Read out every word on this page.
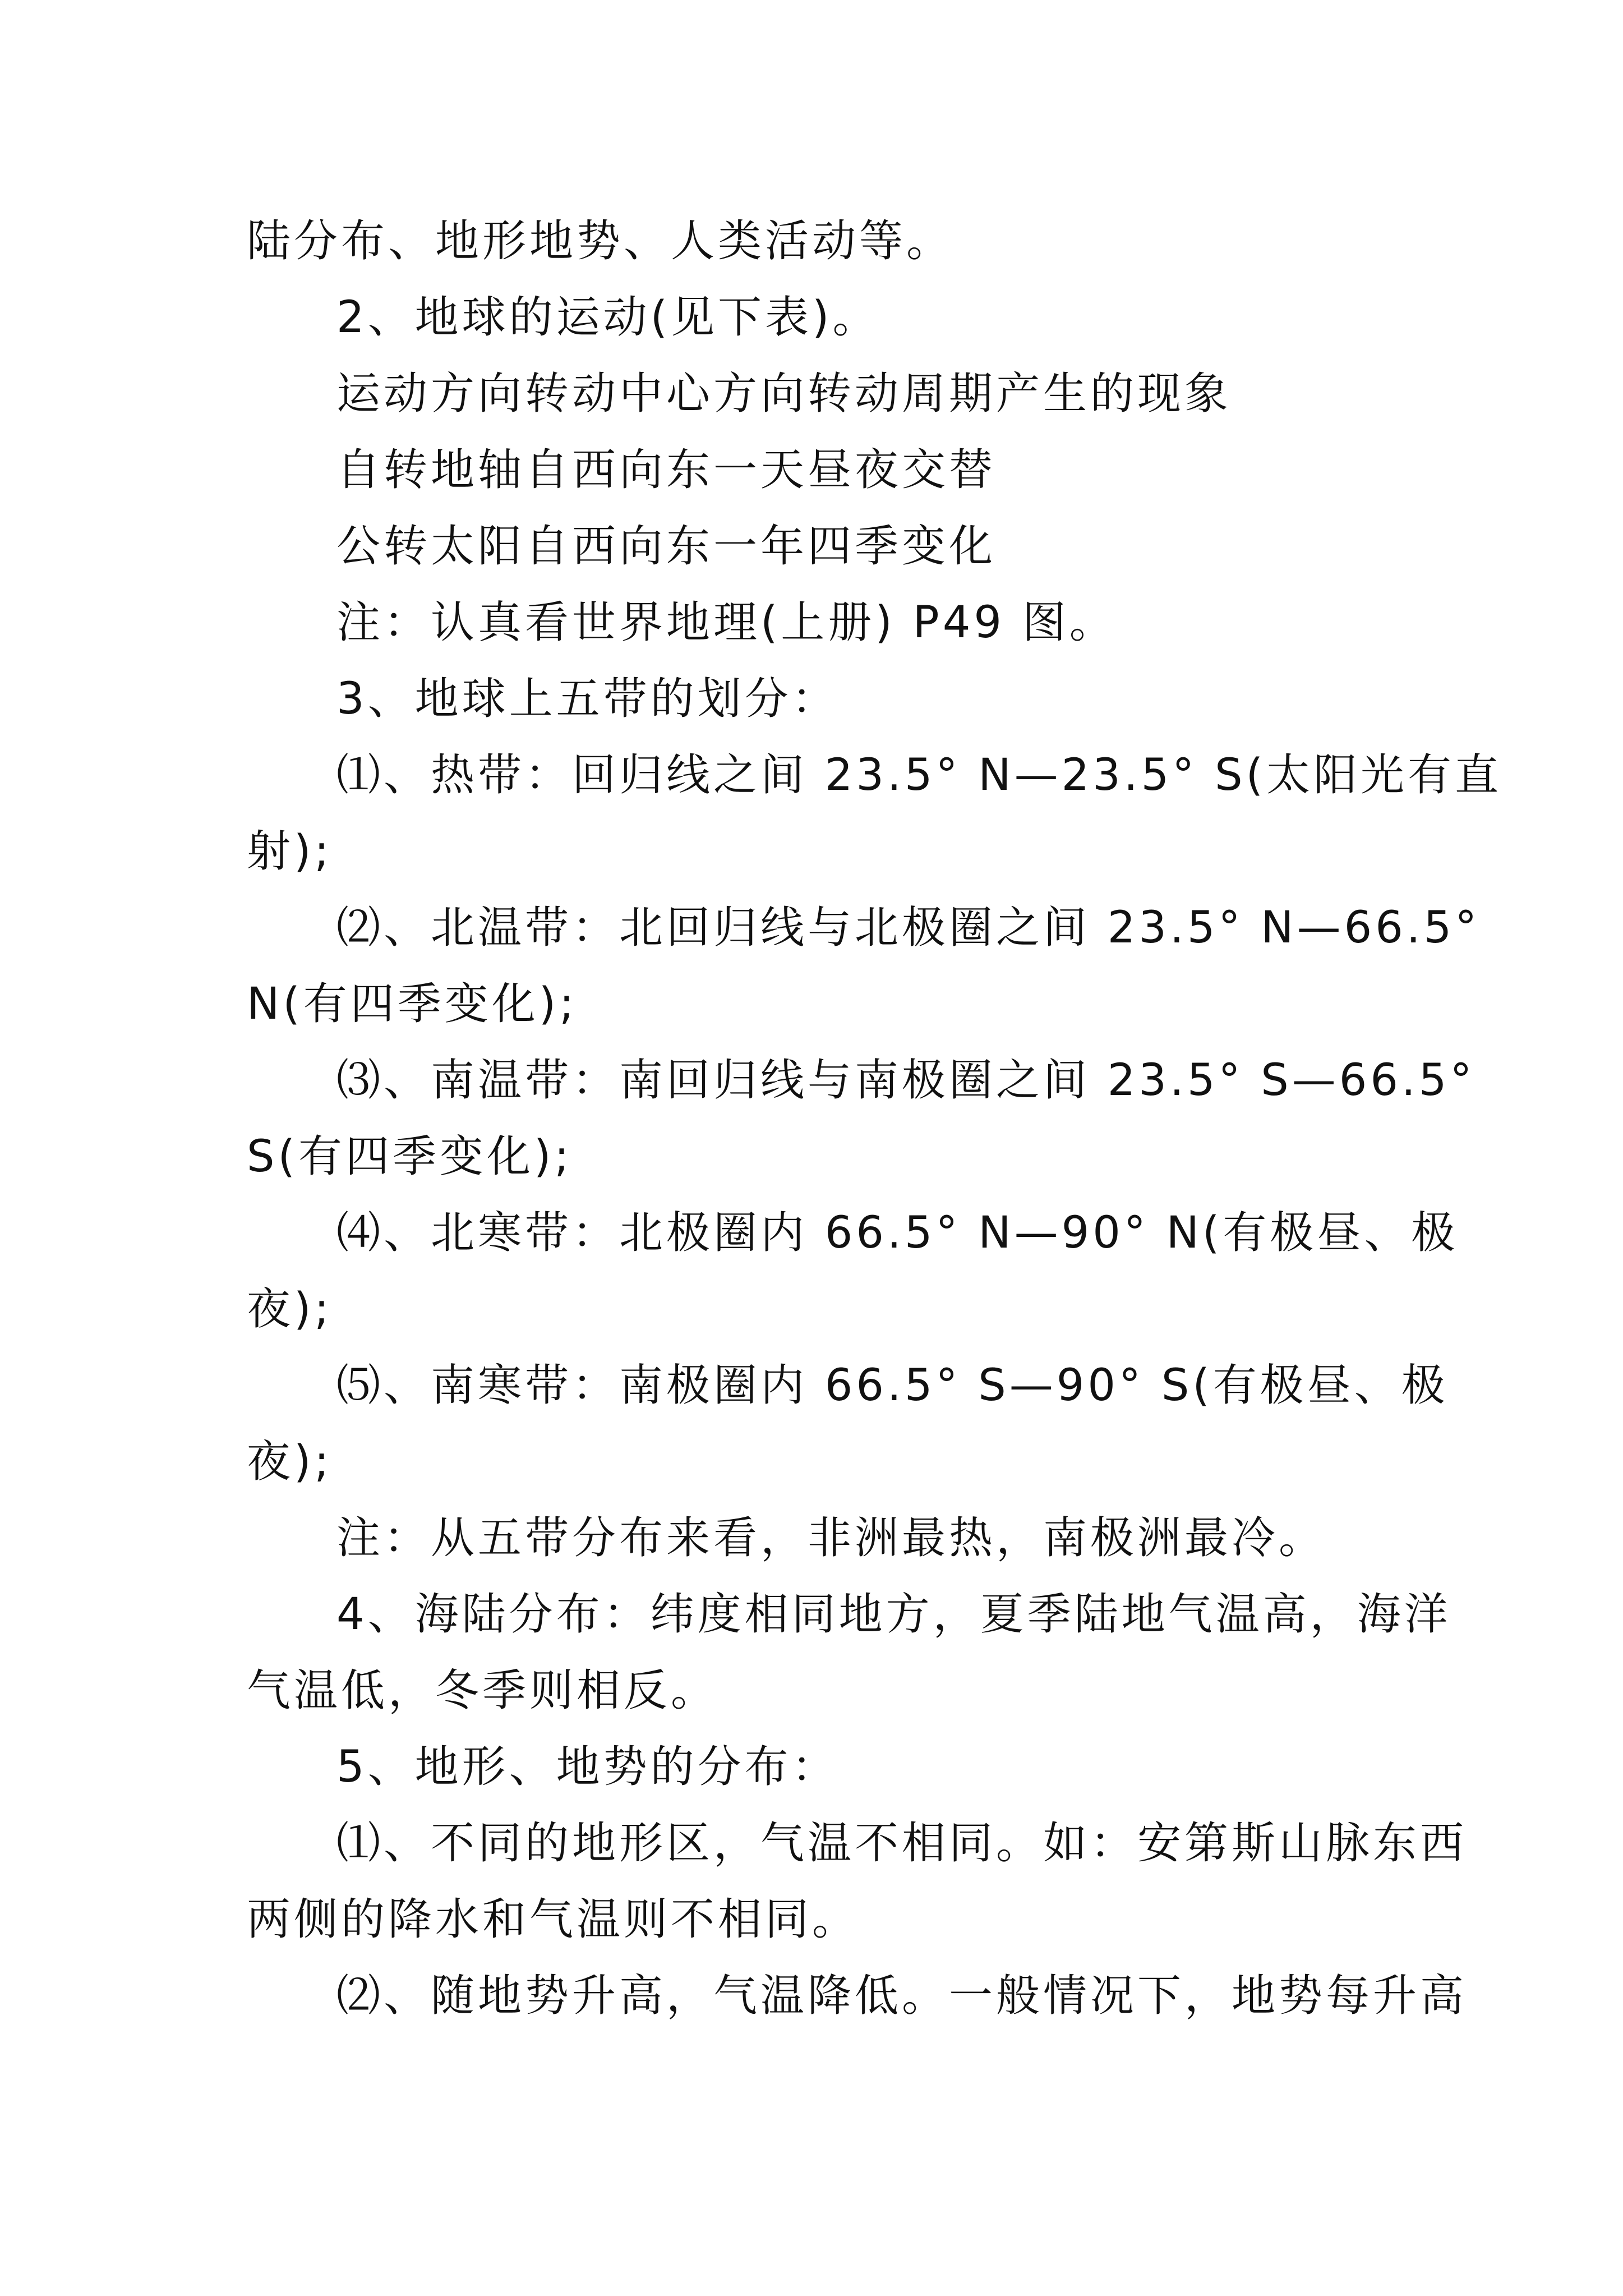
陆分布、地形地势、人类活动等。
2、地球的运动(见下表)。
运动方向转动中心方向转动周期产生的现象
自转地轴自西向东一天昼夜交替
公转太阳自西向东一年四季变化
注：认真看世界地理(上册) P49 图。
3、地球上五带的划分：
⑴、热带：回归线之间 23.5° N—23.5° S(太阳光有直
射);
⑵、北温带：北回归线与北极圈之间 23.5° N—66.5°
N(有四季变化);
⑶、南温带：南回归线与南极圈之间 23.5° S—66.5°
S(有四季变化);
⑷、北寒带：北极圈内 66.5° N—90° N(有极昼、极
夜);
⑸、南寒带：南极圈内 66.5° S—90° S(有极昼、极
夜);
注：从五带分布来看，非洲最热，南极洲最冷。
4、海陆分布：纬度相同地方，夏季陆地气温高，海洋
气温低，冬季则相反。
5、地形、地势的分布：
⑴、不同的地形区，气温不相同。如：安第斯山脉东西
两侧的降水和气温则不相同。
⑵、随地势升高，气温降低。一般情况下，地势每升高
